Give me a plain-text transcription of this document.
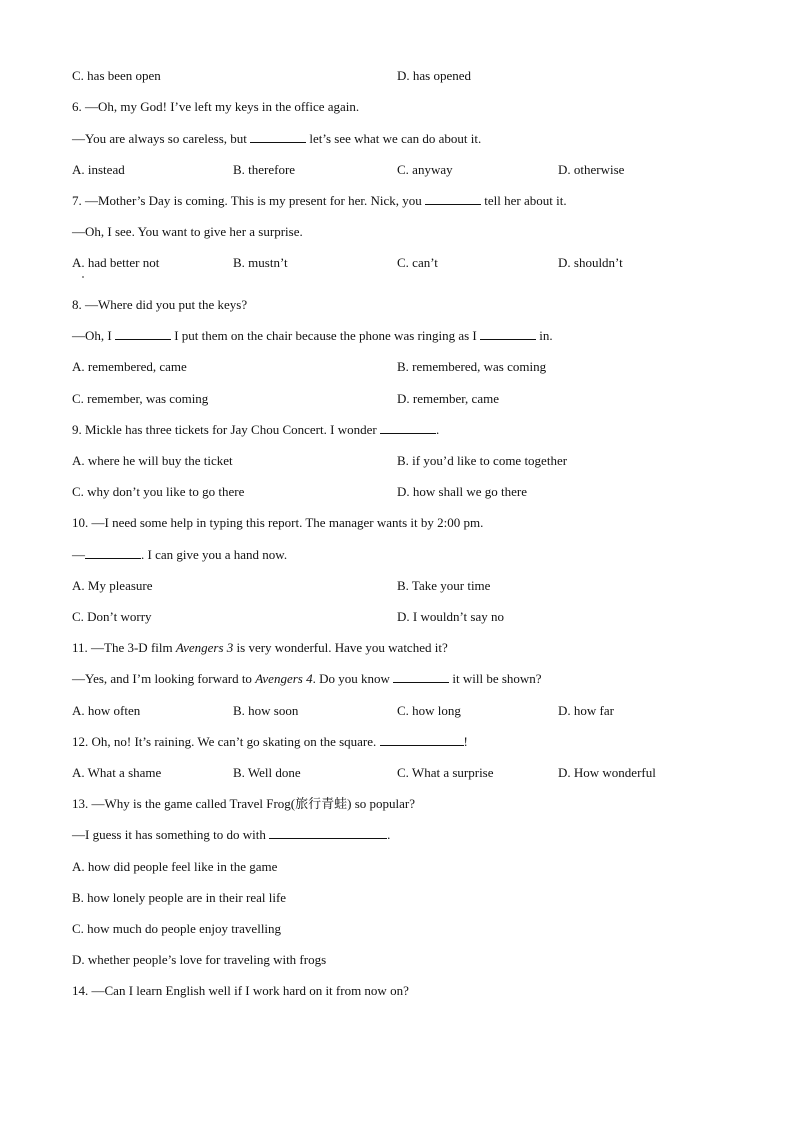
C. has been open	D. has opened
6. —Oh, my God! I’ve left my keys in the office again.
—You are always so careless, but	let’s see what we can do about it.
A. instead	B. therefore	C. anyway	D. otherwise
7. —Mother’s Day is coming. This is my present for her. Nick, you	tell her about it.
—Oh, I see. You want to give her a surprise.
A. had better not	B. mustn’t	C. can’t	D. shouldn’t
8. —Where did you put the keys?
—Oh, I	I put them on the chair because the phone was ringing as I	in.
A. remembered, came	B. remembered, was coming
C. remember, was coming	D. remember, came
9. Mickle has three tickets for Jay Chou Concert. I wonder	.
A. where he will buy the ticket	B. if you’d like to come together
C. why don’t you like to go there	D. how shall we go there
10. —I need some help in typing this report. The manager wants it by 2:00 pm.
—	. I can give you a hand now.
A. My pleasure	B. Take your time
C. Don’t worry	D. I wouldn’t say no
11. —The 3-D film Avengers 3 is very wonderful. Have you watched it?
—Yes, and I’m looking forward to Avengers 4. Do you know	it will be shown?
A. how often	B. how soon	C. how long	D. how far
12. Oh, no! It’s raining. We can’t go skating on the square.	!
A. What a shame	B. Well done	C. What a surprise	D. How wonderful
13. —Why is the game called Travel Frog(旅行青蛙) so popular?
—I guess it has something to do with	.
A. how did people feel like in the game
B. how lonely people are in their real life
C. how much do people enjoy travelling
D. whether people’s love for traveling with frogs
14. —Can I learn English well if I work hard on it from now on?
